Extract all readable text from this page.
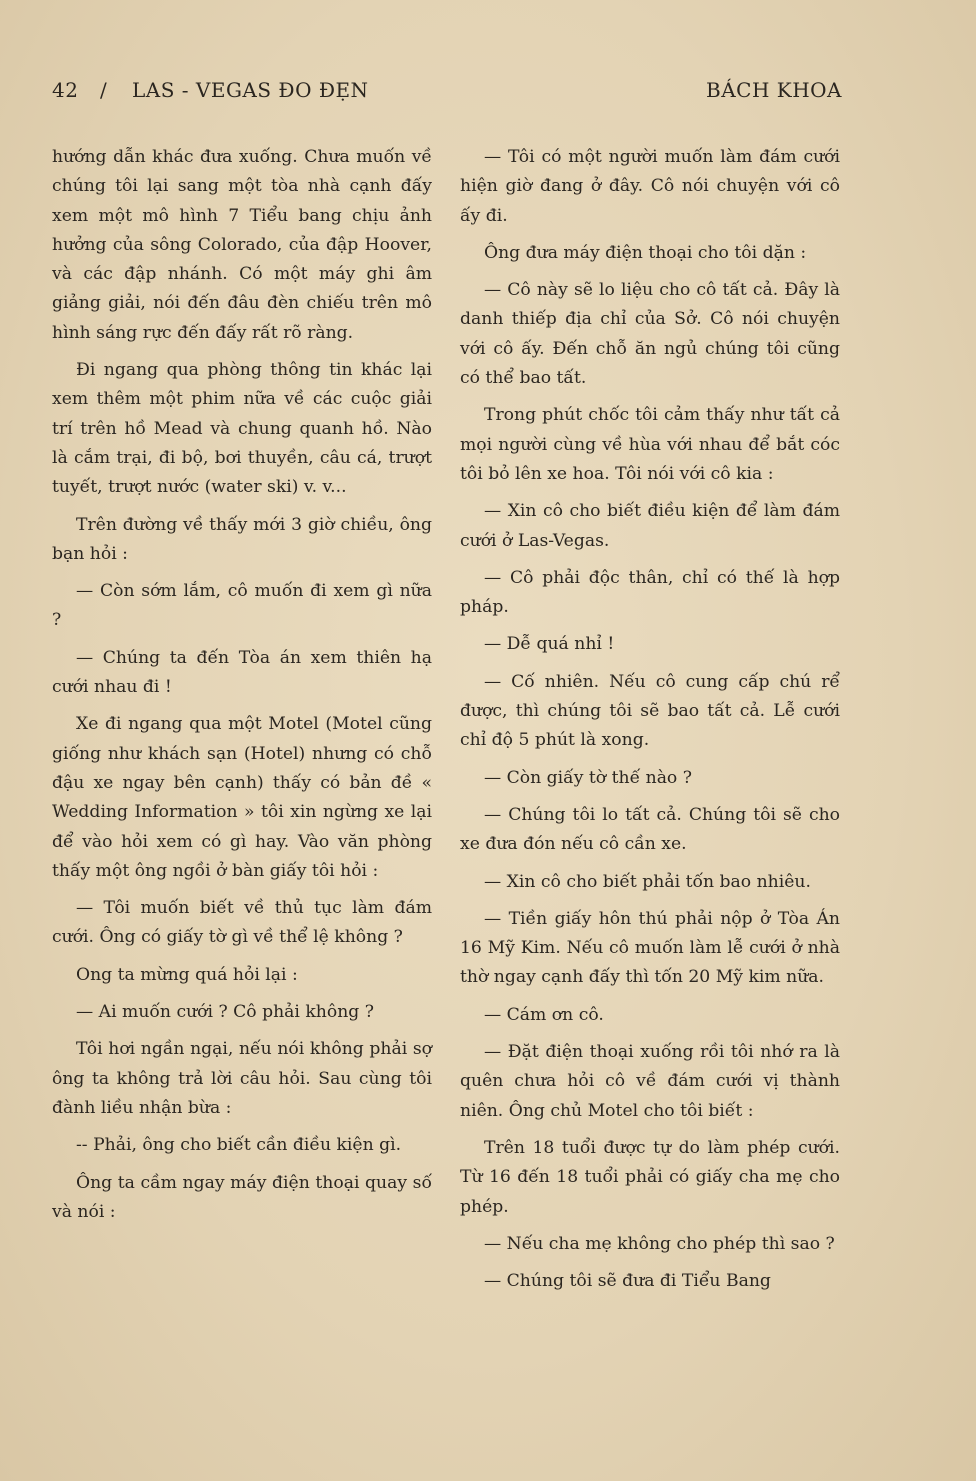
42 / LAS - VEGAS ĐO ĐẸN	BÁCH KHOA

hướng dẫn khác đưa xuống. Chưa muốn về chúng tôi lại sang một tòa nhà cạnh đấy xem một mô hình 7 Tiểu bang chịu ảnh hưởng của sông Colorado, của đập Hoover, và các đập nhánh. Có một máy ghi âm giảng giải, nói đến đâu đèn chiếu trên mô hình sáng rực đến đấy rất rõ ràng.

Đi ngang qua phòng thông tin khác lại xem thêm một phim nữa về các cuộc giải trí trên hồ Mead và chung quanh hồ. Nào là cắm trại, đi bộ, bơi thuyền, câu cá, trượt tuyết, trượt nước (water ski) v. v...

Trên đường về thấy mới 3 giờ chiều, ông bạn hỏi :

— Còn sớm lắm, cô muốn đi xem gì nữa ?

— Chúng ta đến Tòa án xem thiên hạ cưới nhau đi !

Xe đi ngang qua một Motel (Motel cũng giống như khách sạn (Hotel) nhưng có chỗ đậu xe ngay bên cạnh) thấy có bản đề « Wedding Information » tôi xin ngừng xe lại để vào hỏi xem có gì hay. Vào văn phòng thấy một ông ngồi ở bàn giấy tôi hỏi :

— Tôi muốn biết về thủ tục làm đám cưới. Ông có giấy tờ gì về thể lệ không ?

Ong ta mừng quá hỏi lại :

— Ai muốn cưới ? Cô phải không ?

Tôi hơi ngần ngại, nếu nói không phải sợ ông ta không trả lời câu hỏi. Sau cùng tôi đành liều nhận bừa :

-- Phải, ông cho biết cần điều kiện gì.

Ông ta cầm ngay máy điện thoại quay số và nói :

— Tôi có một người muốn làm đám cưới hiện giờ đang ở đây. Cô nói chuyện với cô ấy đi.

Ông đưa máy điện thoại cho tôi dặn :

— Cô này sẽ lo liệu cho cô tất cả. Đây là danh thiếp địa chỉ của Sở. Cô nói chuyện với cô ấy. Đến chỗ ăn ngủ chúng tôi cũng có thể bao tất.

Trong phút chốc tôi cảm thấy như tất cả mọi người cùng về hùa với nhau để bắt cóc tôi bỏ lên xe hoa. Tôi nói với cô kia :

— Xin cô cho biết điều kiện để làm đám cưới ở Las-Vegas.

— Cô phải độc thân, chỉ có thế là hợp pháp.

— Dễ quá nhỉ !

— Cố nhiên. Nếu cô cung cấp chú rể được, thì chúng tôi sẽ bao tất cả. Lễ cưới chỉ độ 5 phút là xong.

— Còn giấy tờ thế nào ?

— Chúng tôi lo tất cả. Chúng tôi sẽ cho xe đưa đón nếu cô cần xe.

— Xin cô cho biết phải tốn bao nhiêu.

— Tiền giấy hôn thú phải nộp ở Tòa Án 16 Mỹ Kim. Nếu cô muốn làm lễ cưới ở nhà thờ ngay cạnh đấy thì tốn 20 Mỹ kim nữa.

— Cám ơn cô.

— Đặt điện thoại xuống rồi tôi nhớ ra là quên chưa hỏi cô về đám cưới vị thành niên. Ông chủ Motel cho tôi biết :

Trên 18 tuổi được tự do làm phép cưới. Từ 16 đến 18 tuổi phải có giấy cha mẹ cho phép.

— Nếu cha mẹ không cho phép thì sao ?

— Chúng tôi sẽ đưa đi Tiểu Bang
